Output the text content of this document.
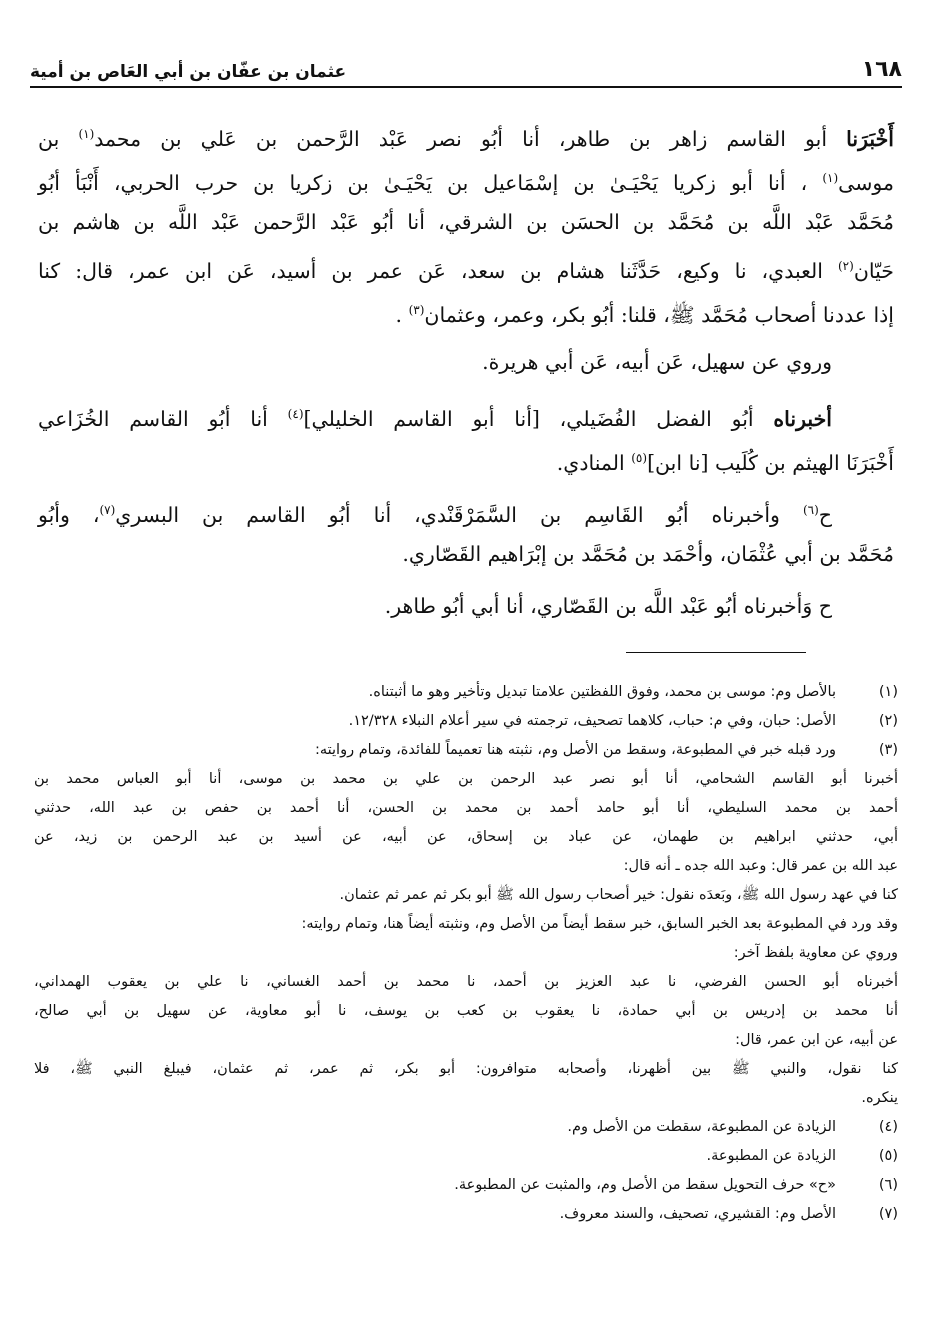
١٦٨
عثمان بن عفّان بن أبي العَاص بن أمية
أَخْبَرَنا أبو القاسم زاهر بن طاهر، أنا أبُو نصر عَبْد الرَّحمن بن عَلي بن محمد$^{(١)}$ بن
موسى$^{(١)}$ ، أنا أبو زكريا يَحْيَـىٰ بن إسْمَاعيل بن يَحْيَـىٰ بن زكريا بن حرب الحربي، أَنْبَأ أبُو
مُحَمَّد عَبْد اللَّه بن مُحَمَّد بن الحسَن بن الشرقي، أنا أبُو عَبْد الرَّحمن عَبْد اللَّه بن هاشم بن
حَيّان$^{(٢)}$ العبدي، نا وكيع، حَدَّثَنا هشام بن سعد، عَن عمر بن أسيد، عَن ابن عمر، قال: كنا
إذا عددنا أصحاب مُحَمَّد ﷺ، قلنا: أبُو بكر، وعمر، وعثمان$^{(٣)}$ .
وروي عن سهيل، عَن أبيه، عَن أبي هريرة.
أخبرناه أبُو الفضل الفُضَيلي، [أنا أبو القاسم الخليلي]$^{(٤)}$ أنا أبُو القاسم الخُزَاعي
أَخْبَرَنَا الهيثم بن كُلَيب [نا ابن]$^{(٥)}$ المنادي.
ح$^{(٦)}$ وأخبرناه أبُو القَاسِم بن السَّمَرْقَنْدي، أنا أبُو القاسم بن البسري$^{(٧)}$، وأبُو
مُحَمَّد بن أبي عُثْمَان، وأحْمَد بن مُحَمَّد بن إبْرَاهيم القَصّاري.
ح وَأخبرناه أبُو عَبْد اللَّه بن القَصّاري، أنا أبي أبُو طاهر.
(١)
بالأصل وم: موسى بن محمد، وفوق اللفظتين علامتا تبديل وتأخير وهو ما أثبتناه.
(٢)
الأصل: حبان، وفي م: حباب، كلاهما تصحيف، ترجمته في سير أعلام النبلاء ١٢/٣٢٨.
(٣)
ورد قبله خبر في المطبوعة، وسقط من الأصل وم، نثبته هنا تعميماً للفائدة، وتمام روايته:
أخبرنا أبو القاسم الشحامي، أنا أبو نصر عبد الرحمن بن علي بن محمد بن موسى، أنا أبو العباس محمد بن
أحمد بن محمد السليطي، أنا أبو حامد أحمد بن محمد بن الحسن، أنا أحمد بن حفص بن عبد الله، حدثني
أبي، حدثني ابراهيم بن طهمان، عن عباد بن إسحاق، عن أبيه، عن أسيد بن عبد الرحمن بن زيد، عن
عبد الله بن عمر قال: وعبد الله جده ـ أنه قال:
كنا في عهد رسول الله ﷺ، وبَعدَه نقول: خير أصحاب رسول الله ﷺ أبو بكر ثم عمر ثم عثمان.
وقد ورد في المطبوعة بعد الخبر السابق، خبر سقط أيضاً من الأصل وم، ونثبته أيضاً هنا، وتمام روايته:
وروي عن معاوية بلفظ آخر:
أخبرناه أبو الحسن الفرضي، نا عبد العزيز بن أحمد، نا محمد بن أحمد الغساني، نا علي بن يعقوب الهمداني،
أنا محمد بن إدريس بن أبي حمادة، نا يعقوب بن كعب بن يوسف، نا أبو معاوية، عن سهيل بن أبي صالح،
عن أبيه، عن ابن عمر، قال:
كنا نقول، والنبي ﷺ بين أظهرنا، وأصحابه متوافرون: أبو بكر، ثم عمر، ثم عثمان، فيبلغ النبي ﷺ، فلا
ينكره.
(٤)
الزيادة عن المطبوعة، سقطت من الأصل وم.
(٥)
الزيادة عن المطبوعة.
(٦)
«ح» حرف التحويل سقط من الأصل وم، والمثبت عن المطبوعة.
(٧)
الأصل وم: القشيري، تصحيف، والسند معروف.
